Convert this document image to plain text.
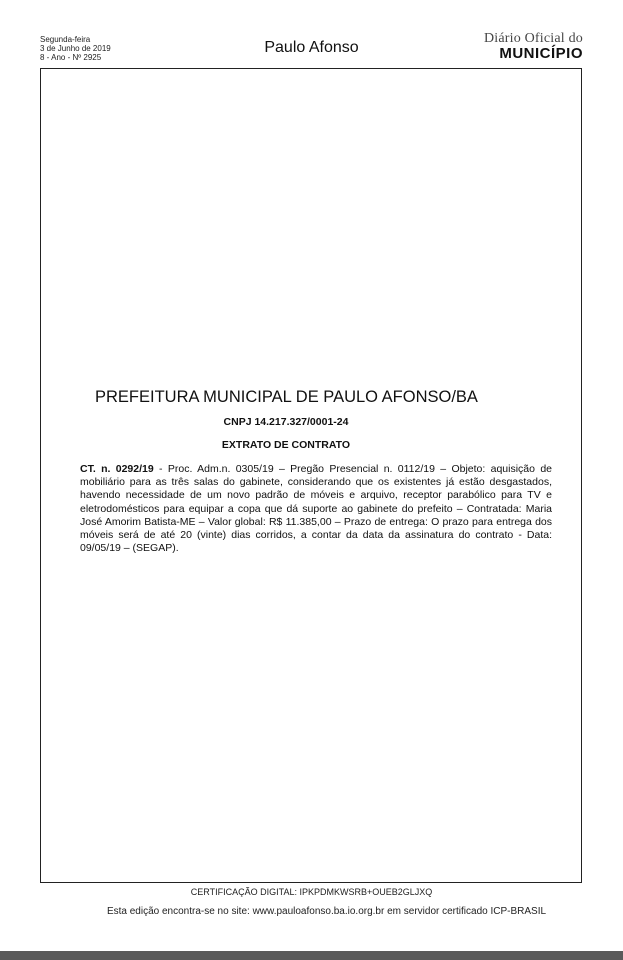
Segunda-feira
3 de Junho de 2019
8 - Ano - Nº 2925
Paulo Afonso
Diário Oficial do
MUNICÍPIO
PREFEITURA MUNICIPAL DE PAULO AFONSO/BA
CNPJ 14.217.327/0001-24
EXTRATO DE CONTRATO
CT. n. 0292/19 - Proc. Adm.n. 0305/19 – Pregão Presencial n. 0112/19 – Objeto: aquisição de mobiliário para as três salas do gabinete, considerando que os existentes já estão desgastados, havendo necessidade de um novo padrão de móveis e arquivo, receptor parabólico para TV e eletrodomésticos para equipar a copa que dá suporte ao gabinete do prefeito – Contratada: Maria José Amorim Batista-ME – Valor global: R$ 11.385,00 – Prazo de entrega: O prazo para entrega dos móveis será de até 20 (vinte) dias corridos, a contar da data da assinatura do contrato - Data: 09/05/19 – (SEGAP).
CERTIFICAÇÃO DIGITAL: IPKPDMKWSRB+OUEB2GLJXQ
Esta edição encontra-se no site: www.pauloafonso.ba.io.org.br em servidor certificado ICP-BRASIL
